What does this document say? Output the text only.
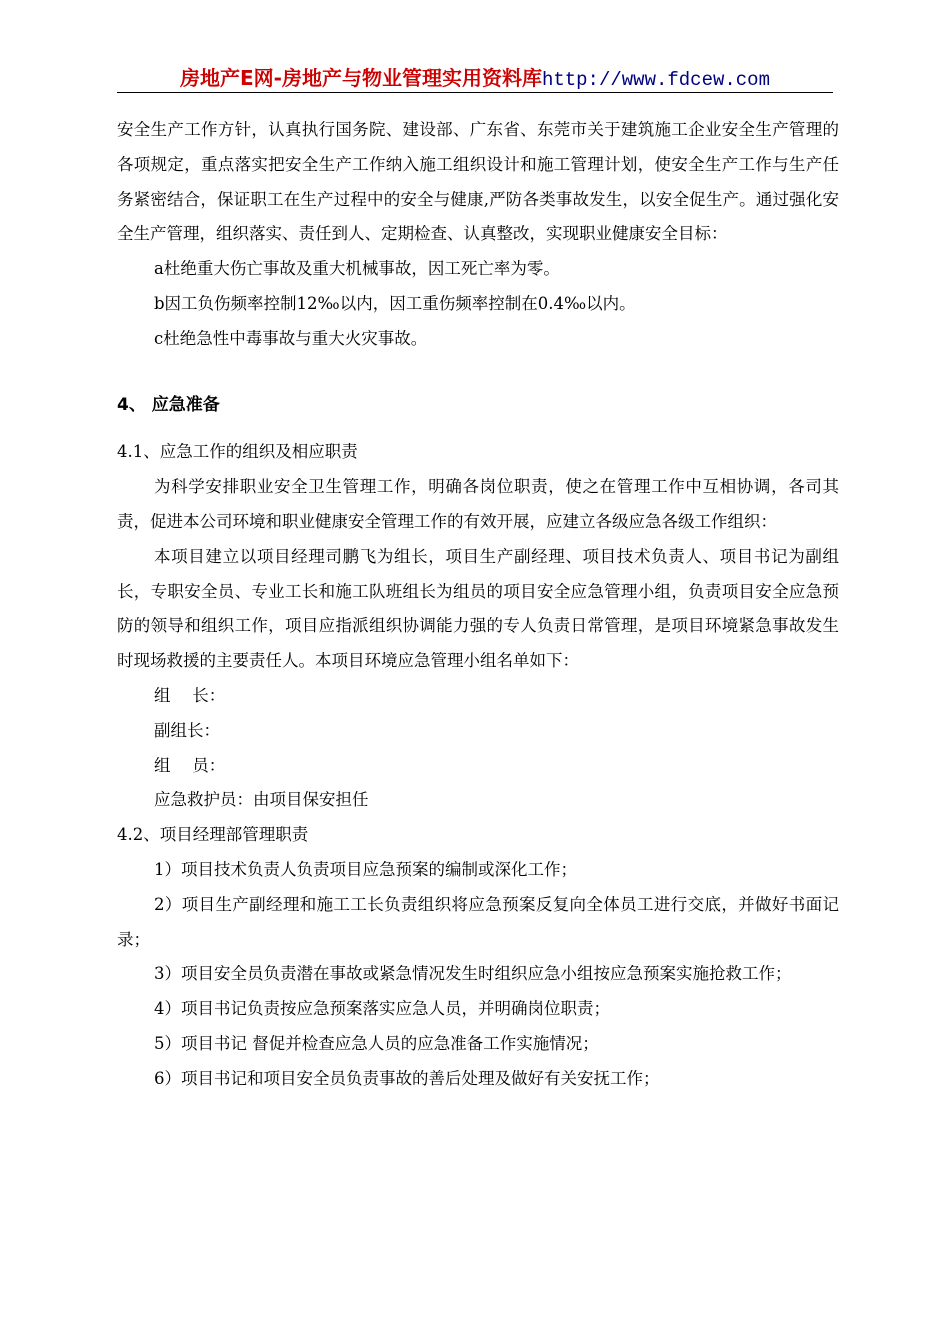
房地产E网-房地产与物业管理实用资料库http://www.fdcew.com

安全生产工作方针，认真执行国务院、建设部、广东省、东莞市关于建筑施工企业安全生产管理的各项规定，重点落实把安全生产工作纳入施工组织设计和施工管理计划，使安全生产工作与生产任务紧密结合，保证职工在生产过程中的安全与健康,严防各类事故发生，以安全促生产。通过强化安全生产管理，组织落实、责任到人、定期检查、认真整改，实现职业健康安全目标：

a杜绝重大伤亡事故及重大机械事故，因工死亡率为零。

b因工负伤频率控制12‰以内，因工重伤频率控制在0.4‰以内。

c杜绝急性中毒事故与重大火灾事故。

4、 应急准备

4.1、应急工作的组织及相应职责

为科学安排职业安全卫生管理工作，明确各岗位职责，使之在管理工作中互相协调，各司其责，促进本公司环境和职业健康安全管理工作的有效开展，应建立各级应急各级工作组织：

本项目建立以项目经理司鹏飞为组长，项目生产副经理、项目技术负责人、项目书记为副组长，专职安全员、专业工长和施工队班组长为组员的项目安全应急管理小组，负责项目安全应急预防的领导和组织工作，项目应指派组织协调能力强的专人负责日常管理，是项目环境紧急事故发生时现场救援的主要责任人。本项目环境应急管理小组名单如下：

组　 长：

副组长：

组　 员：

应急救护员：由项目保安担任

4.2、项目经理部管理职责

1）项目技术负责人负责项目应急预案的编制或深化工作；

2）项目生产副经理和施工工长负责组织将应急预案反复向全体员工进行交底，并做好书面记录；

3）项目安全员负责潜在事故或紧急情况发生时组织应急小组按应急预案实施抢救工作；

4）项目书记负责按应急预案落实应急人员，并明确岗位职责；

5）项目书记 督促并检查应急人员的应急准备工作实施情况；

6）项目书记和项目安全员负责事故的善后处理及做好有关安抚工作；
